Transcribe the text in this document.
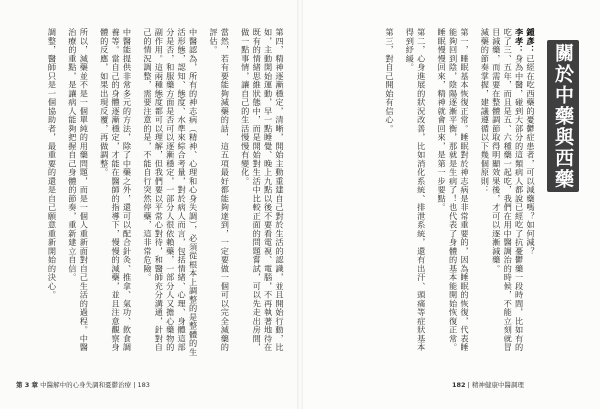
關於中藥與西藥

鍾彥：已經在吃西藥的憂鬱症患者，可以減藥嗎？如何減？

李孝：身為中醫，碰到大部分的這類病人都說已經吃了抗憂鬱藥一段時間，比如有的吃了三、五年，而且是五、六種藥一起吃，我們在用中醫調治的時候，不能立刻就冒目減藥，而需要在整體調節取得明顯效果後，才可以逐漸減藥。

減藥的節奏掌握，建議遵循以下幾個原則：

第一，睡眠基本恢復正常。睡眠對於神志病是非常重要的，因為睡眠的恢復，代表睡能夠回到陰，陰陽逐漸平衡，那就是生病了！也代表了身體的基本能開始恢復正常。睡眠慢慢回來，精神就會回來，是第一步要點。

第二，心身進展的狀況改善，比如消化系統、排泄系統，還有出汗、頭痛等症狀基本得到紓緩。

第三，對自己開始有信心。

第四，精神逐漸穩定，清晰，開始主動重建自己對於生活的認識，並且開始行動，比如，主動開始運動，早一點睡覺、晚上九點以後不要看電視、電腦，不再執著地待在既有的情緒思維狀態中，而是開始對生活中比較正面的問題嘗試，可以先走出房間，做一點事情，讓自己的生活慢慢有變化。

當然，若有要能夠減藥的話，這五項最好都能夠達到，一定要做一個可以完全減藥的評估。

中醫認為，所有的神志病（精神、心理和心身失調），必須從根本上調整的是整體的生活形態，認知、態度、水準來綜合考量，對於病人而言，包括情緒、心理、身體這部分是否，和服藥方面是否可以逐漸穩定，一部分人很依賴藥，一部分人又擔心藥物的副作用。這兩種態度都可以理解，但我們要以平常心對待，和醫師充分溝通，針對自己的情況調整，需要注意的是，不能自行突然停藥，這非常危險。

中醫能提供非常多元的方法，除了中藥之外，還可以配合針灸、推拿、氣功、飲食調養等。當自己的身體逐漸穩定，才能在醫師的指導下，慢慢的減藥，並且注意觀察身體的反應，如果出現反覆，再做調整。

所以，減藥並不是一個單純的用藥問題，而是一個人重新面對自己生活的過程。中醫治療的重點，是讓病人能夠把握自己身體的節奏，重新建立自信。

調整，醫師只是一個協助者，最重要的還是自己願意重新開始的決心。

第 3 章 中醫解中的心身失調和憂鬱治療 | 183	182 | 精神健康中醫調理
